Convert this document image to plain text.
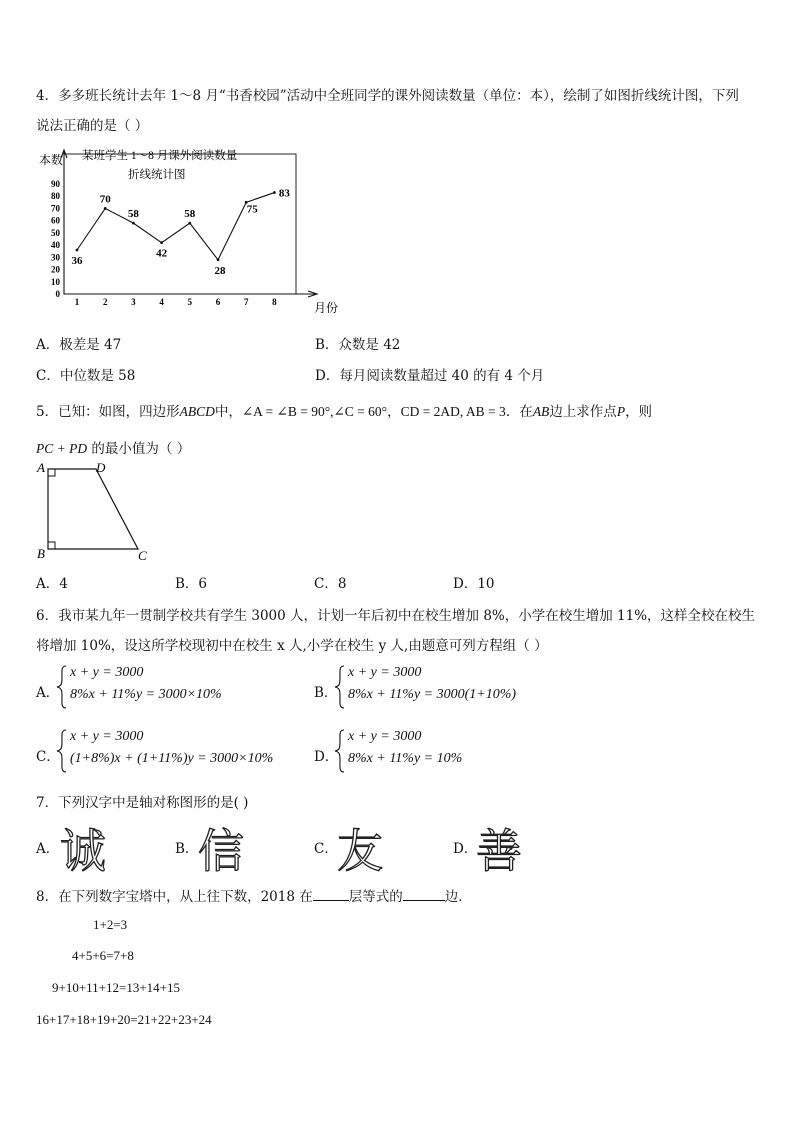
4．多多班长统计去年 1～8 月“书香校园”活动中全班同学的课外阅读数量（单位：本），绘制了如图折线统计图，下列
说法正确的是（ ）
本数
月份
某班学生 1～8 月课外阅读数量
折线统计图
0
10
20
30
40
50
60
70
80
90
1	2	3	4	5	6	7	8
36
70
58
42
58
28
75
83
A．极差是 47	B．众数是 42
C．中位数是 58	D．每月阅读数量超过 40 的有 4 个月
5．已知：如图，四边形ABCD中，∠A = ∠B = 90°,∠C = 60°，CD = 2AD, AB = 3．在AB边上求作点P，则
PC + PD 的最小值为（ ）
A	D
B	C
A．4	B．6	C．8	D．10
6．我市某九年一贯制学校共有学生 3000 人，计划一年后初中在校生增加 8%，小学在校生增加 11%，这样全校在校生
将增加 10%，设这所学校现初中在校生 x 人,小学在校生 y 人,由题意可列方程组（ ）
A．
x + y = 3000
8%x + 11%y = 3000×10%	B．
x + y = 3000
8%x + 11%y = 3000(1+10%)
C．
x + y = 3000
(1+8%)x + (1+11%)y = 3000×10%	D．
x + y = 3000
8%x + 11%y = 10%
7．下列汉字中是轴对称图形的是( )
A． 诚	B． 信	C． 友	D．
善
8．在下列数字宝塔中，从上往下数，2018 在	层等式的	边．
1+2=3
4+5+6=7+8
9+10+11+12=13+14+15
16+17+18+19+20=21+22+23+24
